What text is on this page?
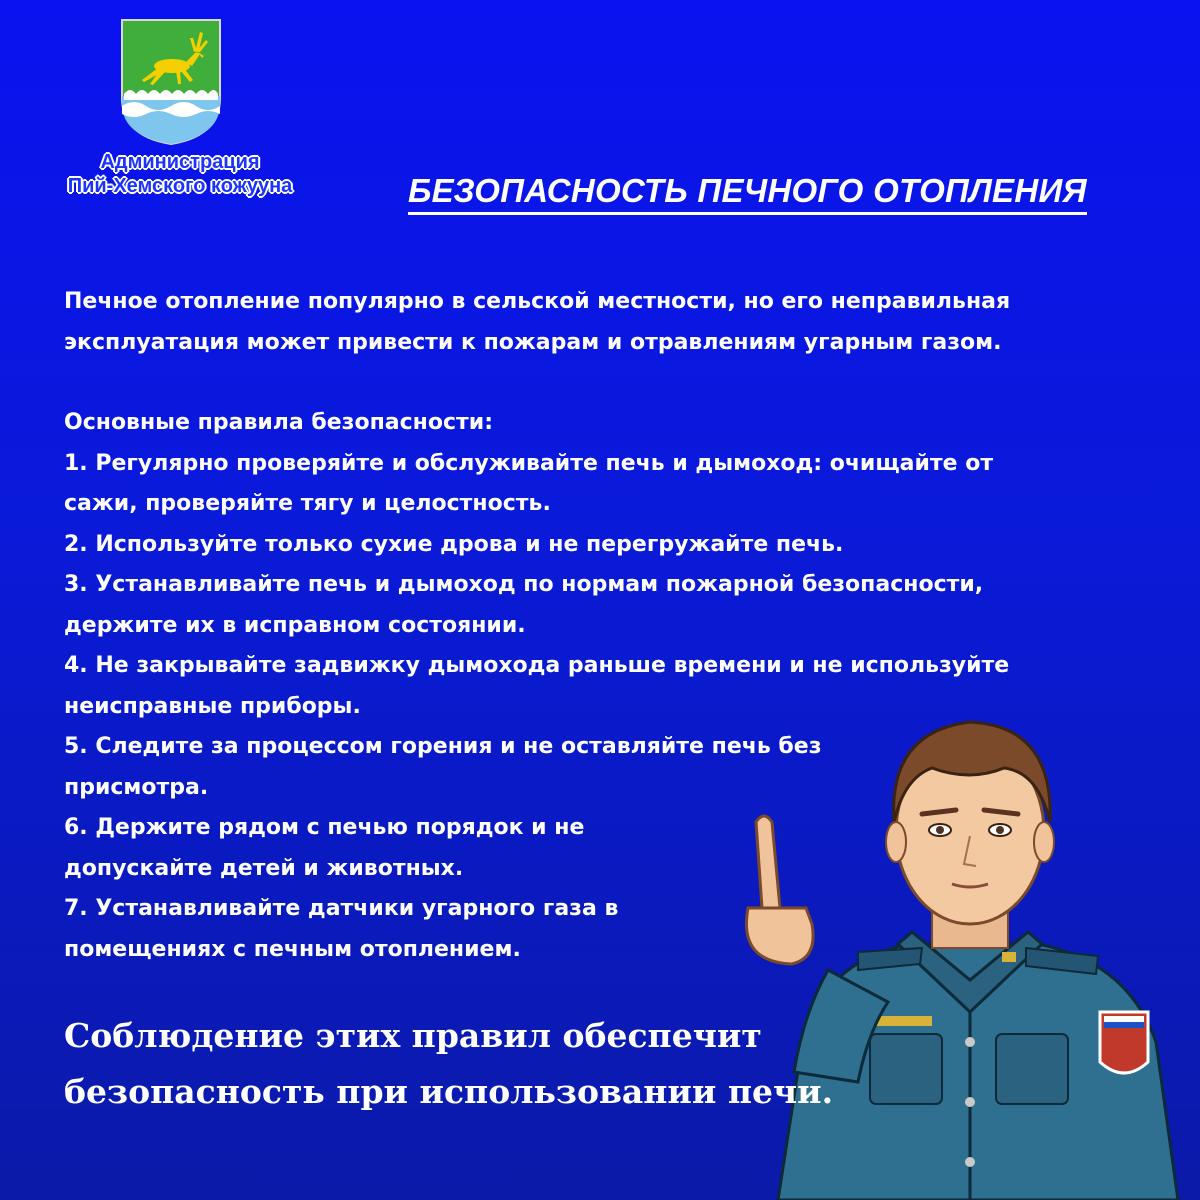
Администрация
Пий-Хемского кожууна	БЕЗОПАСНОСТЬ ПЕЧНОГО ОТОПЛЕНИЯ

Печное отопление популярно в сельской местности, но его неправильная

эксплуатация может привести к пожарам и отравлениям угарным газом.

Основные правила безопасности:

1. Регулярно проверяйте и обслуживайте печь и дымоход: очищайте от

сажи, проверяйте тягу и целостность.

2. Используйте только сухие дрова и не перегружайте печь.

3. Устанавливайте печь и дымоход по нормам пожарной безопасности,

держите их в исправном состоянии.

4. Не закрывайте задвижку дымохода раньше времени и не используйте

неисправные приборы.

5. Следите за процессом горения и не оставляйте печь без

присмотра.

6. Держите рядом с печью порядок и не

допускайте детей и животных.

7. Устанавливайте датчики угарного газа в

помещениях с печным отоплением.

Соблюдение этих правил обеспечит
безопасность при использовании печи.
